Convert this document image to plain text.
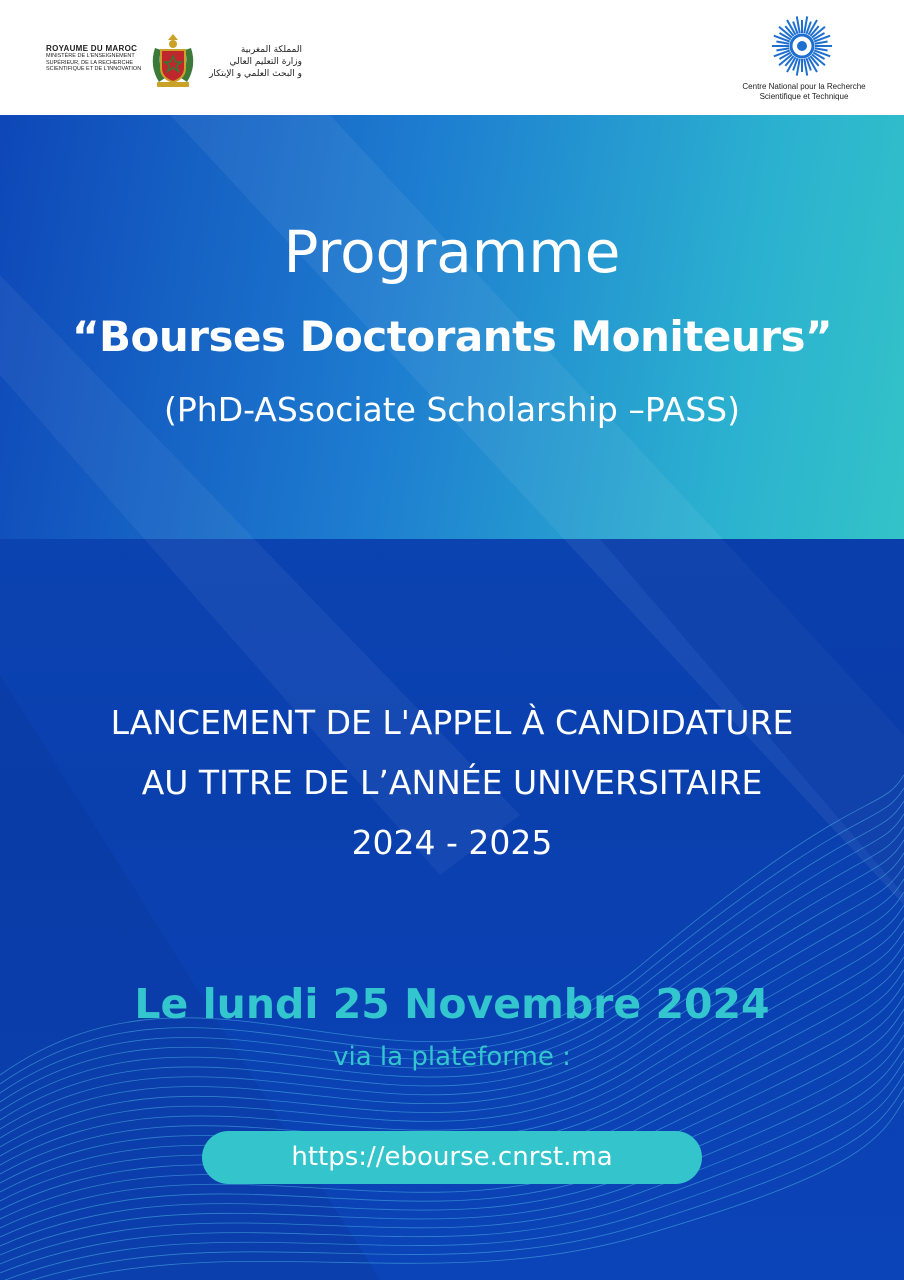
ROYAUME DU MAROC
MINISTÈRE DE L'ENSEIGNEMENT
SUPÉRIEUR, DE LA RECHERCHE
SCIENTIFIQUE ET DE L'INNOVATION
المملكة المغربية
وزارة التعليم العالي
و البحث العلمي و الإبتكار
Centre National pour la Recherche
Scientifique et Technique
Programme
“Bourses Doctorants Moniteurs”
(PhD-ASsociate Scholarship –PASS)
LANCEMENT DE L'APPEL À CANDIDATURE
AU TITRE DE L’ANNÉE UNIVERSITAIRE
2024 - 2025
Le lundi 25 Novembre 2024
via la plateforme :
https://ebourse.cnrst.ma
